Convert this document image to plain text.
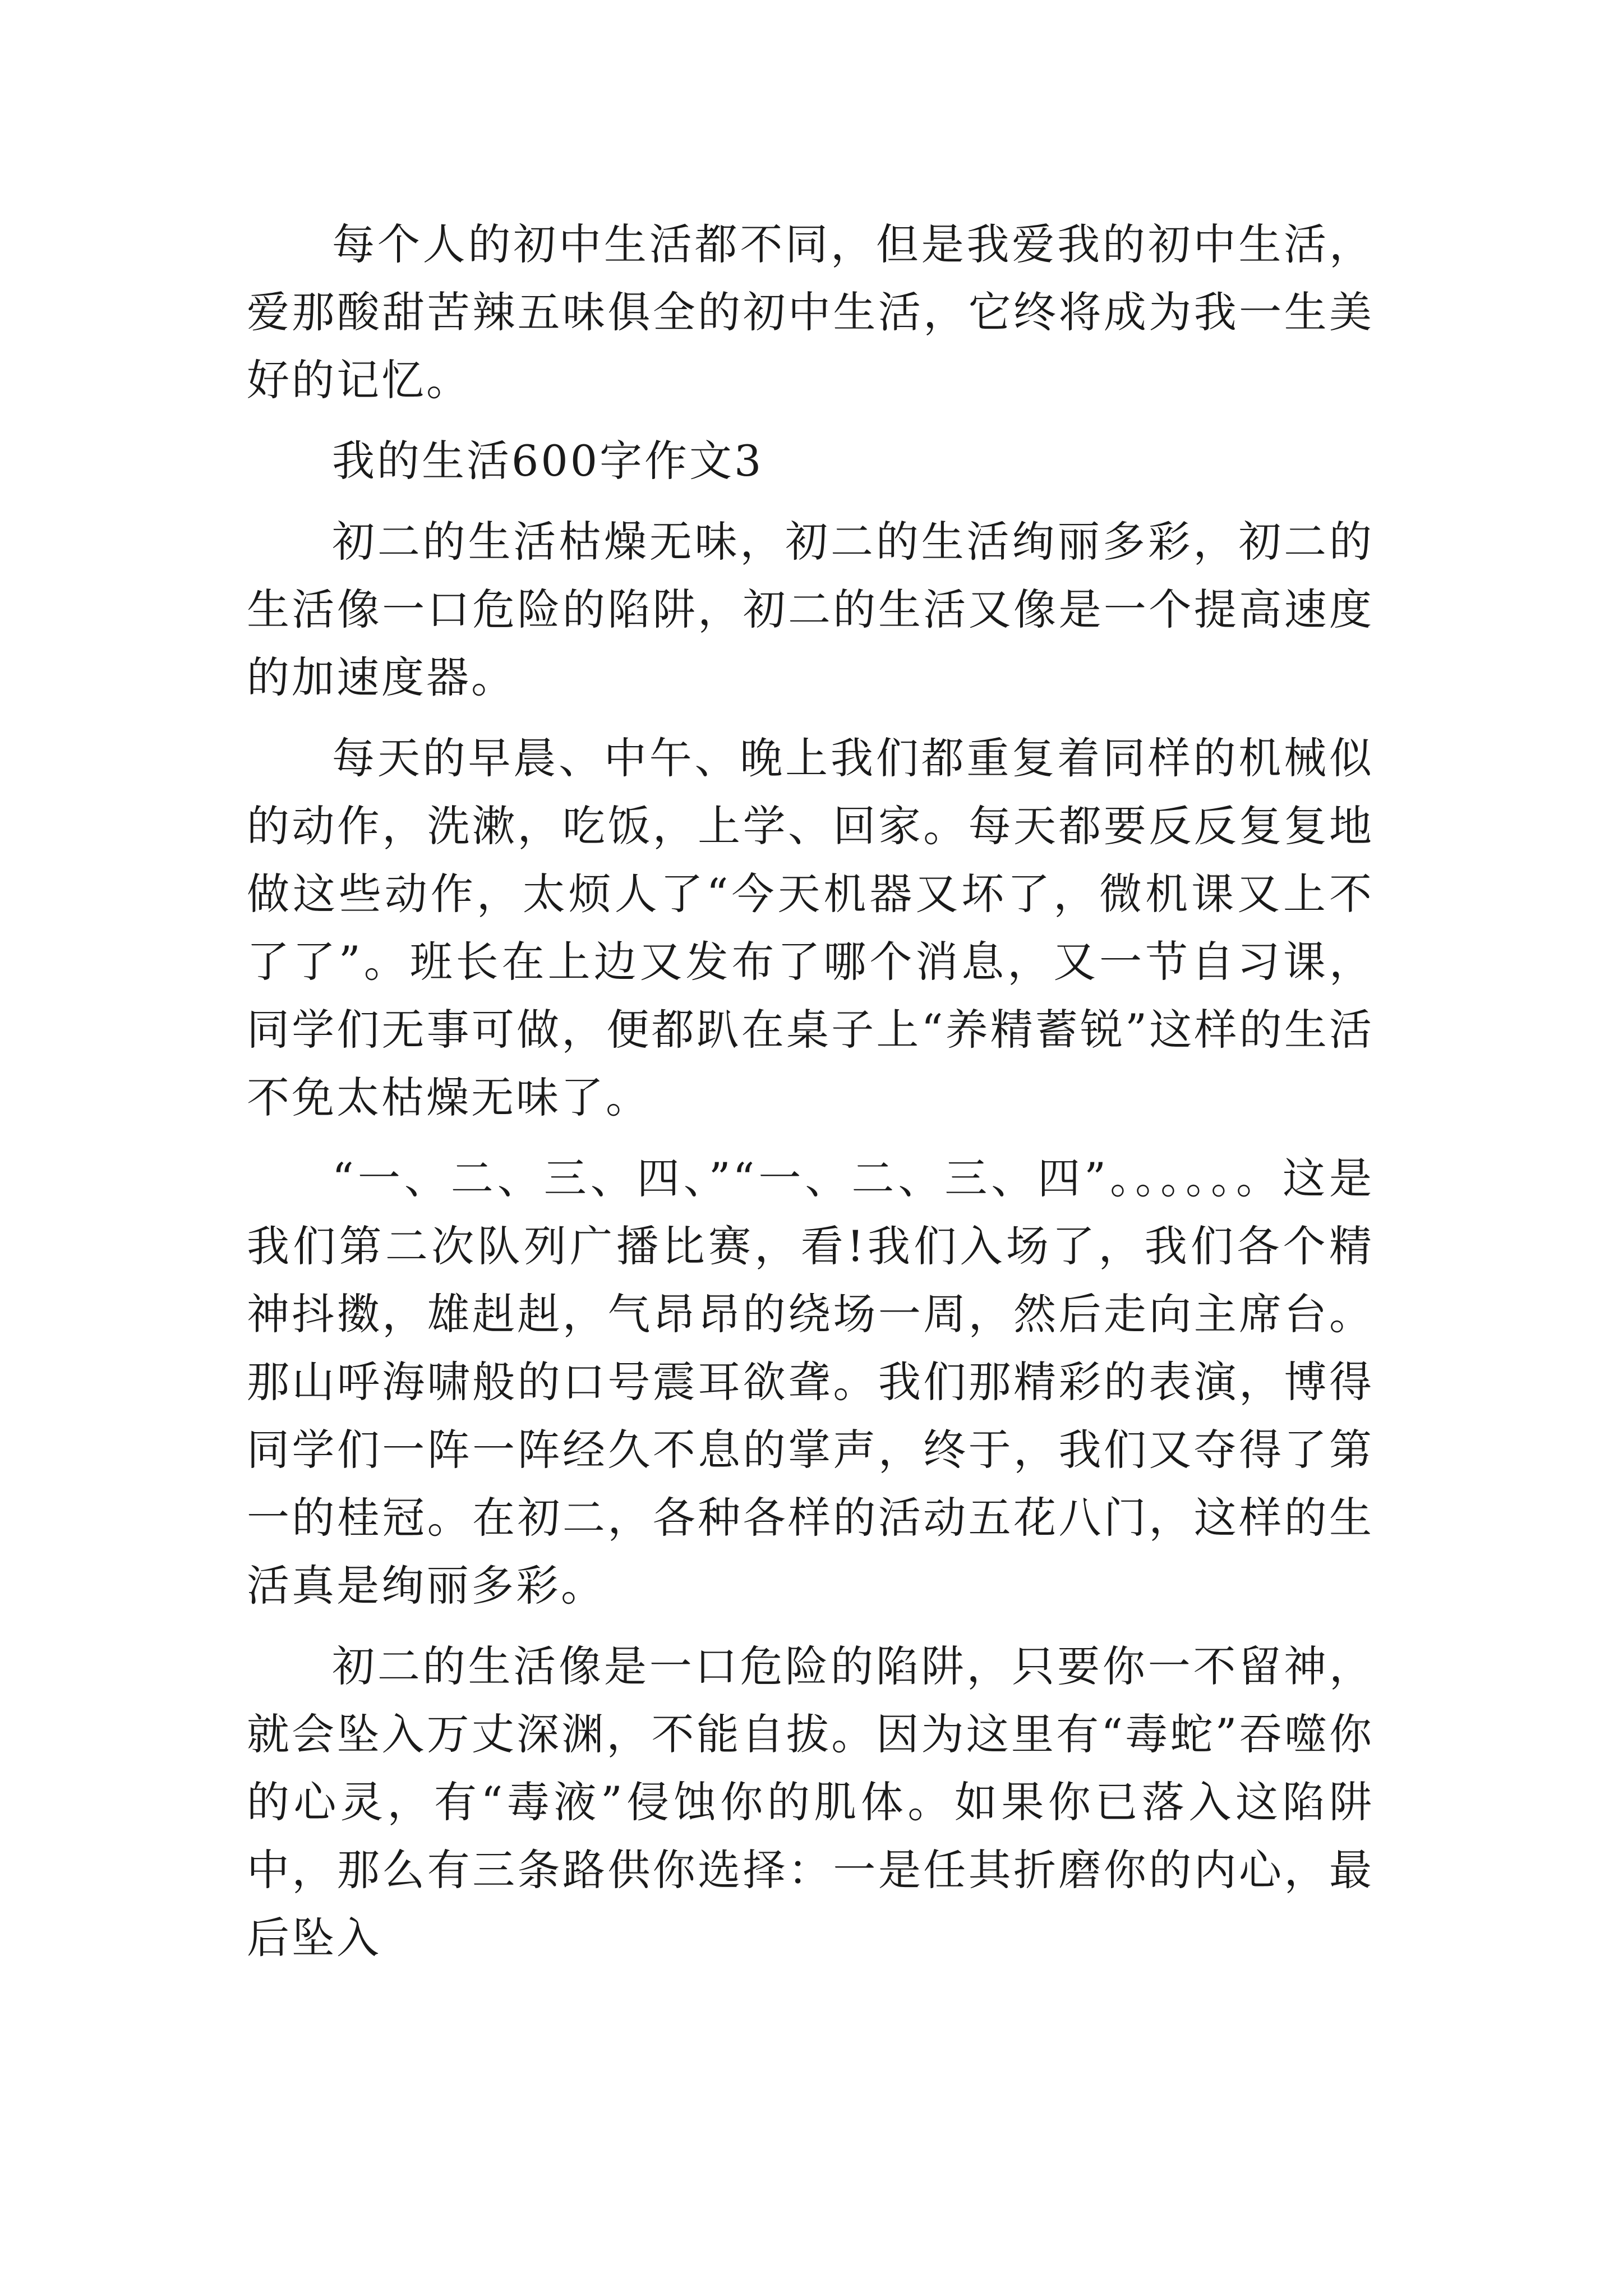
每个人的初中生活都不同，但是我爱我的初中生活，爱那酸甜苦辣五味俱全的初中生活，它终将成为我一生美好的记忆。

我的生活600字作文3

初二的生活枯燥无味，初二的生活绚丽多彩，初二的生活像一口危险的陷阱，初二的生活又像是一个提高速度的加速度器。

每天的早晨、中午、晚上我们都重复着同样的机械似的动作，洗漱，吃饭，上学、回家。每天都要反反复复地做这些动作，太烦人了“今天机器又坏了，微机课又上不了了”。班长在上边又发布了哪个消息，又一节自习课，同学们无事可做，便都趴在桌子上“养精蓄锐”这样的生活不免太枯燥无味了。

“一、二、三、四、”“一、二、三、四”。。。。。。这是我们第二次队列广播比赛，看!我们入场了，我们各个精神抖擞，雄赳赳，气昂昂的绕场一周，然后走向主席台。那山呼海啸般的口号震耳欲聋。我们那精彩的表演，博得同学们一阵一阵经久不息的掌声，终于，我们又夺得了第一的桂冠。在初二，各种各样的活动五花八门，这样的生活真是绚丽多彩。

初二的生活像是一口危险的陷阱，只要你一不留神，就会坠入万丈深渊，不能自拔。因为这里有“毒蛇”吞噬你的心灵，有“毒液”侵蚀你的肌体。如果你已落入这陷阱中，那么有三条路供你选择：一是任其折磨你的内心，最后坠入
